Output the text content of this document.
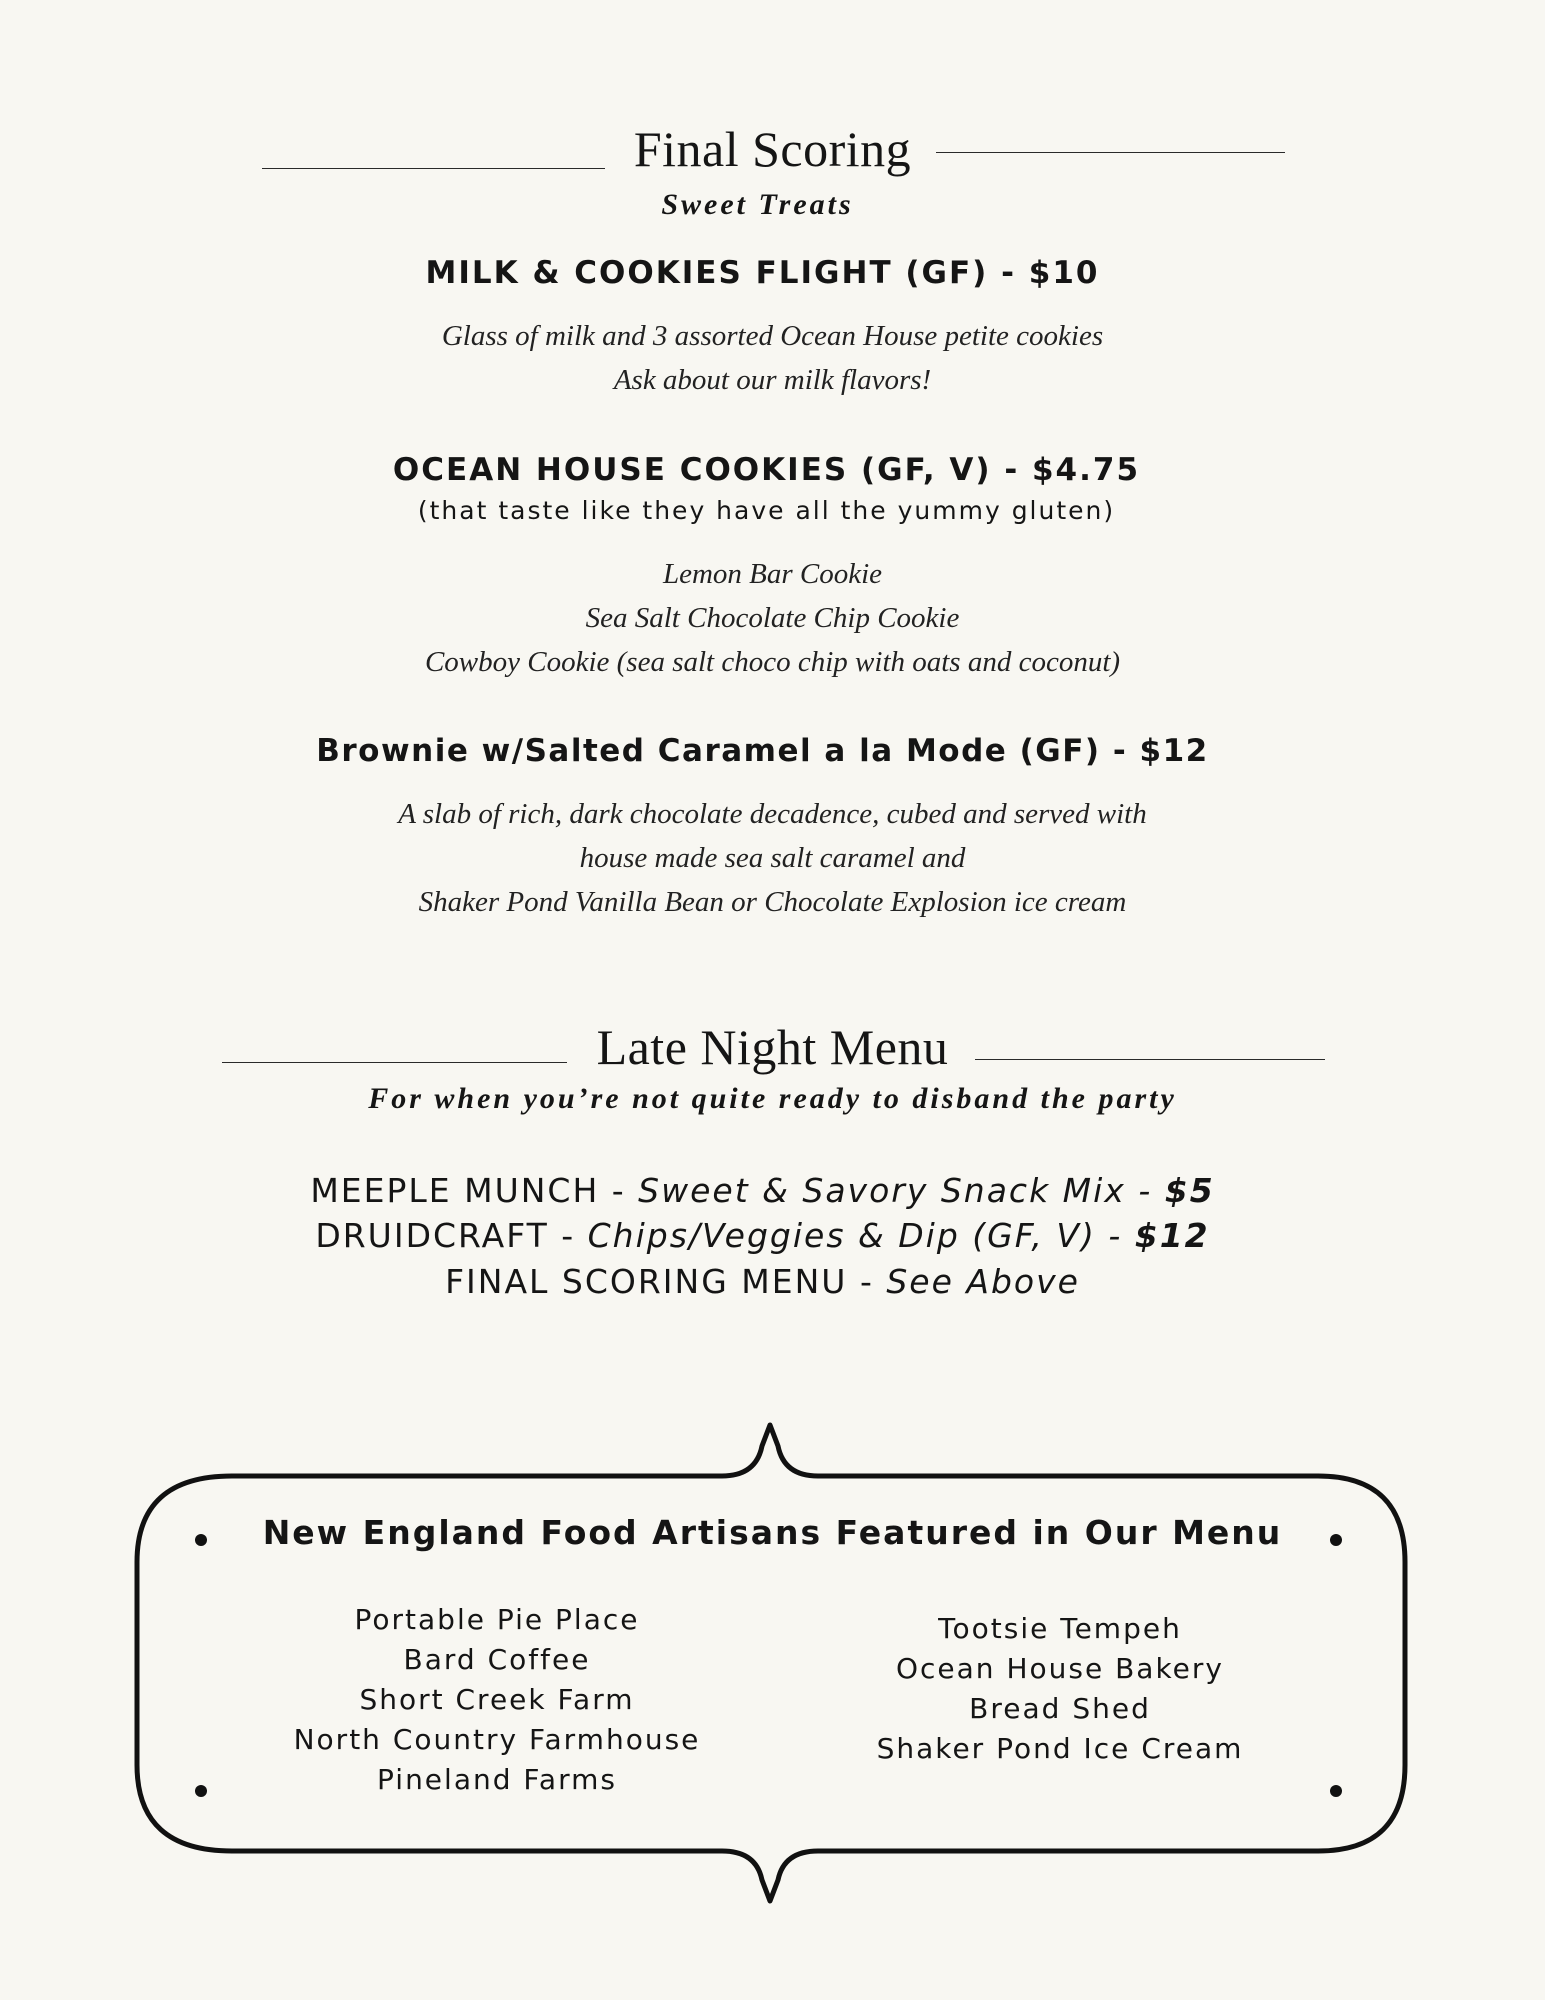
Final Scoring
Sweet Treats
MILK & COOKIES FLIGHT (GF) - $10
Glass of milk and 3 assorted Ocean House petite cookies
Ask about our milk flavors!
OCEAN HOUSE COOKIES (GF, V) - $4.75
(that taste like they have all the yummy gluten)
Lemon Bar Cookie
Sea Salt Chocolate Chip Cookie
Cowboy Cookie (sea salt choco chip with oats and coconut)
Brownie w/Salted Caramel a la Mode (GF) - $12
A slab of rich, dark chocolate decadence, cubed and served with
house made sea salt caramel and
Shaker Pond Vanilla Bean or Chocolate Explosion ice cream
Late Night Menu
For when you’re not quite ready to disband the party
MEEPLE MUNCH - Sweet & Savory Snack Mix - $5
DRUIDCRAFT - Chips/Veggies & Dip (GF, V) - $12
FINAL SCORING MENU - See Above
New England Food Artisans Featured in Our Menu
Portable Pie Place
Bard Coffee
Short Creek Farm
North Country Farmhouse
Pineland Farms
Tootsie Tempeh
Ocean House Bakery
Bread Shed
Shaker Pond Ice Cream
